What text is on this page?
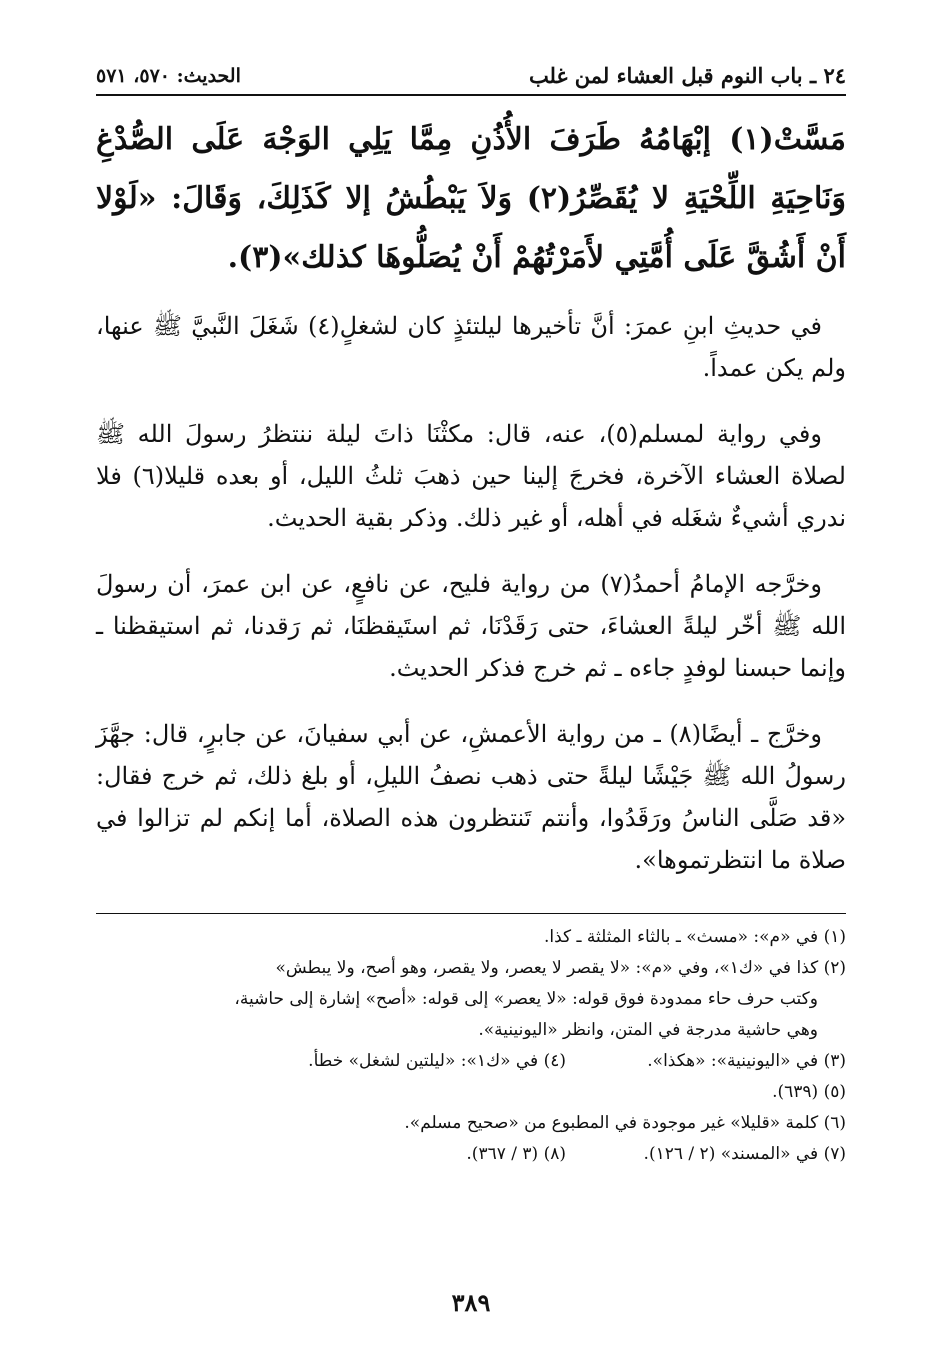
٢٤ ـ باب النوم قبل العشاء لمن غلب
الحديث: ٥٧٠، ٥٧١
مَسَّتْ(١) إبْهَامُهُ طَرَفَ الأُذُنِ مِمَّا يَلِي الوَجْهَ عَلَى الصُّدْغِ وَنَاحِيَةِ اللِّحْيَةِ لا يُقَصِّرُ(٢) وَلاَ يَبْطُشُ إلا كَذَلِكَ، وَقَالَ: «لَوْلا أَنْ أَشُقَّ عَلَى أُمَّتِي لأَمَرْتُهُمْ أَنْ يُصَلُّوهَا كذلك»(٣).

في حديثِ ابنِ عمرَ: أنَّ تأخيرها ليلتئذٍ كان لشغلٍ(٤) شَغَلَ النَّبيَّ ﷺ عنها، ولم يكن عمداً.

وفي رواية لمسلم(٥)، عنه، قال: مكثْنَا ذاتَ ليلة ننتظرُ رسولَ الله ﷺ لصلاة العشاء الآخرة، فخرجَ إلينا حين ذهبَ ثلثُ الليل، أو بعده قليلا(٦) فلا ندري أشيءٌ شغَله في أهله، أو غير ذلك. وذكر بقية الحديث.

وخرَّجه الإمامُ أحمدُ(٧) من رواية فليح، عن نافعٍ، عن ابن عمرَ، أن رسولَ الله ﷺ أخّر ليلةً العشاءَ، حتى رَقَدْنَا، ثم استَيقظنَا، ثم رَقدنا، ثم استيقظنا ـ وإنما حبسنا لوفدٍ جاءه ـ ثم خرج فذكر الحديث.

وخرَّج ـ أيضًا(٨) ـ من رواية الأعمشِ، عن أبي سفيانَ، عن جابرٍ، قال: جهَّزَ رسولُ الله ﷺ جَيْشًا ليلةً حتى ذهب نصفُ الليلِ، أو بلغ ذلك، ثم خرج فقال: «قد صَلَّى الناسُ ورَقَدُوا، وأنتم تَنتظرون هذه الصلاة، أما إنكم لم تزالوا في صلاة ما انتظرتموها».

(١) في «م»: «مسث» ـ بالثاء المثلثة ـ كذا.
(٢) كذا في «ك١»، وفي «م»: «لا يقصر لا يعصر، ولا يقصر، وهو أصح، ولا يبطش»
وكتب حرف حاء ممدودة فوق قوله: «لا يعصر» إلى قوله: «أصح» إشارة إلى حاشية،
وهي حاشية مدرجة في المتن، وانظر «اليونينية».
(٣) في «اليونينية»: «هكذا».
(٤) في «ك١»: «ليلتين لشغل» خطأ.
(٥) (٦٣٩).
(٦) كلمة «قليلا» غير موجودة في المطبوع من «صحيح مسلم».
(٧) في «المسند» (٢ / ١٢٦).
(٨) (٣ / ٣٦٧).
٣٨٩
